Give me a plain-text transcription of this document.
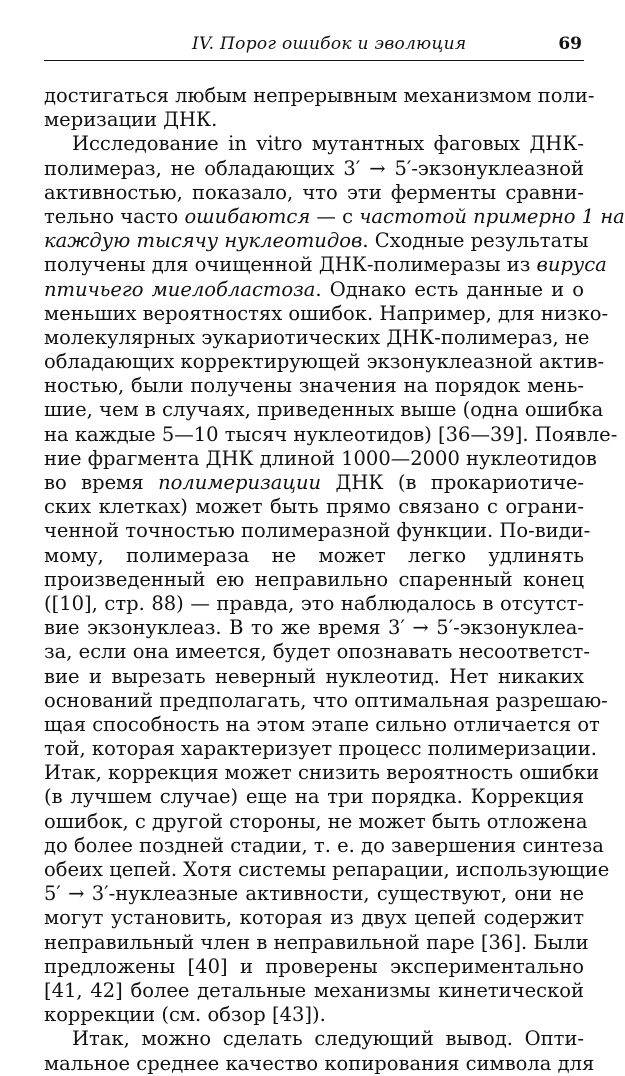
IV. Порог ошибок и эволюция	69
достигаться любым непрерывным механизмом поли-
меризации ДНК.
Исследование in vitro мутантных фаговых ДНК-
полимераз, не обладающих 3′ → 5′-экзонуклеазной
активностью, показало, что эти ферменты сравни-
тельно часто ошибаются — с частотой примерно 1 на
каждую тысячу нуклеотидов. Сходные результаты
получены для очищенной ДНК-полимеразы из вируса
птичьего миелобластоза. Однако есть данные и о
меньших вероятностях ошибок. Например, для низко-
молекулярных эукариотических ДНК-полимераз, не
обладающих корректирующей экзонуклеазной актив-
ностью, были получены значения на порядок мень-
шие, чем в случаях, приведенных выше (одна ошибка
на каждые 5—10 тысяч нуклеотидов) [36—39]. Появле-
ние фрагмента ДНК длиной 1000—2000 нуклеотидов
во время полимеризации ДНК (в прокариотиче-
ских клетках) может быть прямо связано с ограни-
ченной точностью полимеразной функции. По-види-
мому, полимераза не может легко удлинять
произведенный ею неправильно спаренный конец
([10], стр. 88) — правда, это наблюдалось в отсутст-
вие экзонуклеаз. В то же время 3′ → 5′-экзонуклеа-
за, если она имеется, будет опознавать несоответст-
вие и вырезать неверный нуклеотид. Нет никаких
оснований предполагать, что оптимальная разрешаю-
щая способность на этом этапе сильно отличается от
той, которая характеризует процесс полимеризации.
Итак, коррекция может снизить вероятность ошибки
(в лучшем случае) еще на три порядка. Коррекция
ошибок, с другой стороны, не может быть отложена
до более поздней стадии, т. е. до завершения синтеза
обеих цепей. Хотя системы репарации, использующие
5′ → 3′-нуклеазные активности, существуют, они не
могут установить, которая из двух цепей содержит
неправильный член в неправильной паре [36]. Были
предложены [40] и проверены экспериментально
[41, 42] более детальные механизмы кинетической
коррекции (см. обзор [43]).
Итак, можно сделать следующий вывод. Опти-
мальное среднее качество копирования символа для
